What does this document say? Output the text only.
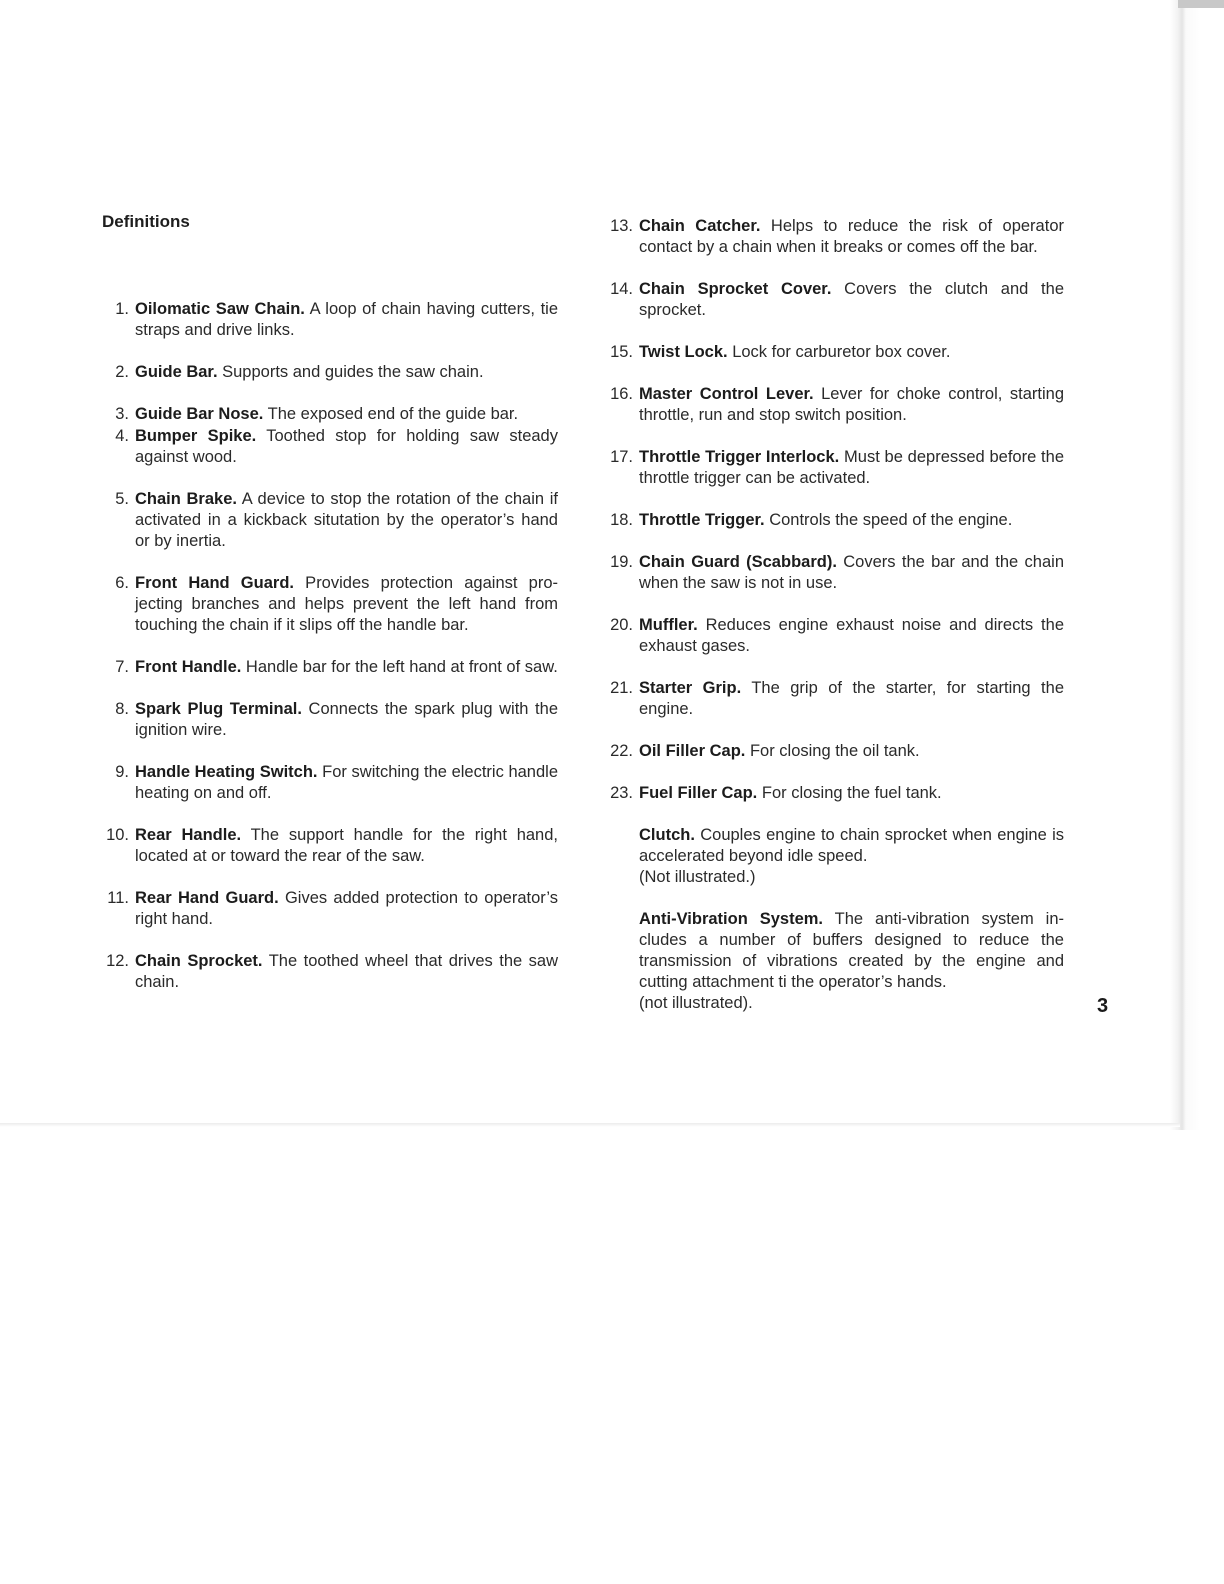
Definitions
1. Oilomatic Saw Chain. A loop of chain having cutters, tie straps and drive links.
2. Guide Bar. Supports and guides the saw chain.
3. Guide Bar Nose. The exposed end of the guide bar.
4. Bumper Spike. Toothed stop for holding saw steady against wood.
5. Chain Brake. A device to stop the rotation of the chain if activated in a kickback situtation by the operator’s hand or by inertia.
6. Front Hand Guard. Provides protection against pro-jecting branches and helps prevent the left hand from touching the chain if it slips off the handle bar.
7. Front Handle. Handle bar for the left hand at front of saw.
8. Spark Plug Terminal. Connects the spark plug with the ignition wire.
9. Handle Heating Switch. For switching the electric handle heating on and off.
10. Rear Handle. The support handle for the right hand, located at or toward the rear of the saw.
11. Rear Hand Guard. Gives added protection to operator’s right hand.
12. Chain Sprocket. The toothed wheel that drives the saw chain.
13. Chain Catcher. Helps to reduce the risk of operator contact by a chain when it breaks or comes off the bar.
14. Chain Sprocket Cover. Covers the clutch and the sprocket.
15. Twist Lock. Lock for carburetor box cover.
16. Master Control Lever. Lever for choke control, starting throttle, run and stop switch position.
17. Throttle Trigger Interlock. Must be depressed before the throttle trigger can be activated.
18. Throttle Trigger. Controls the speed of the engine.
19. Chain Guard (Scabbard). Covers the bar and the chain when the saw is not in use.
20. Muffler. Reduces engine exhaust noise and directs the exhaust gases.
21. Starter Grip. The grip of the starter, for starting the engine.
22. Oil Filler Cap. For closing the oil tank.
23. Fuel Filler Cap. For closing the fuel tank.
Clutch. Couples engine to chain sprocket when engine is accelerated beyond idle speed.
(Not illustrated.)
Anti-Vibration System. The anti-vibration system in-cludes a number of buffers designed to reduce the transmission of vibrations created by the engine and cutting attachment ti the operator’s hands.
(not illustrated).	3
